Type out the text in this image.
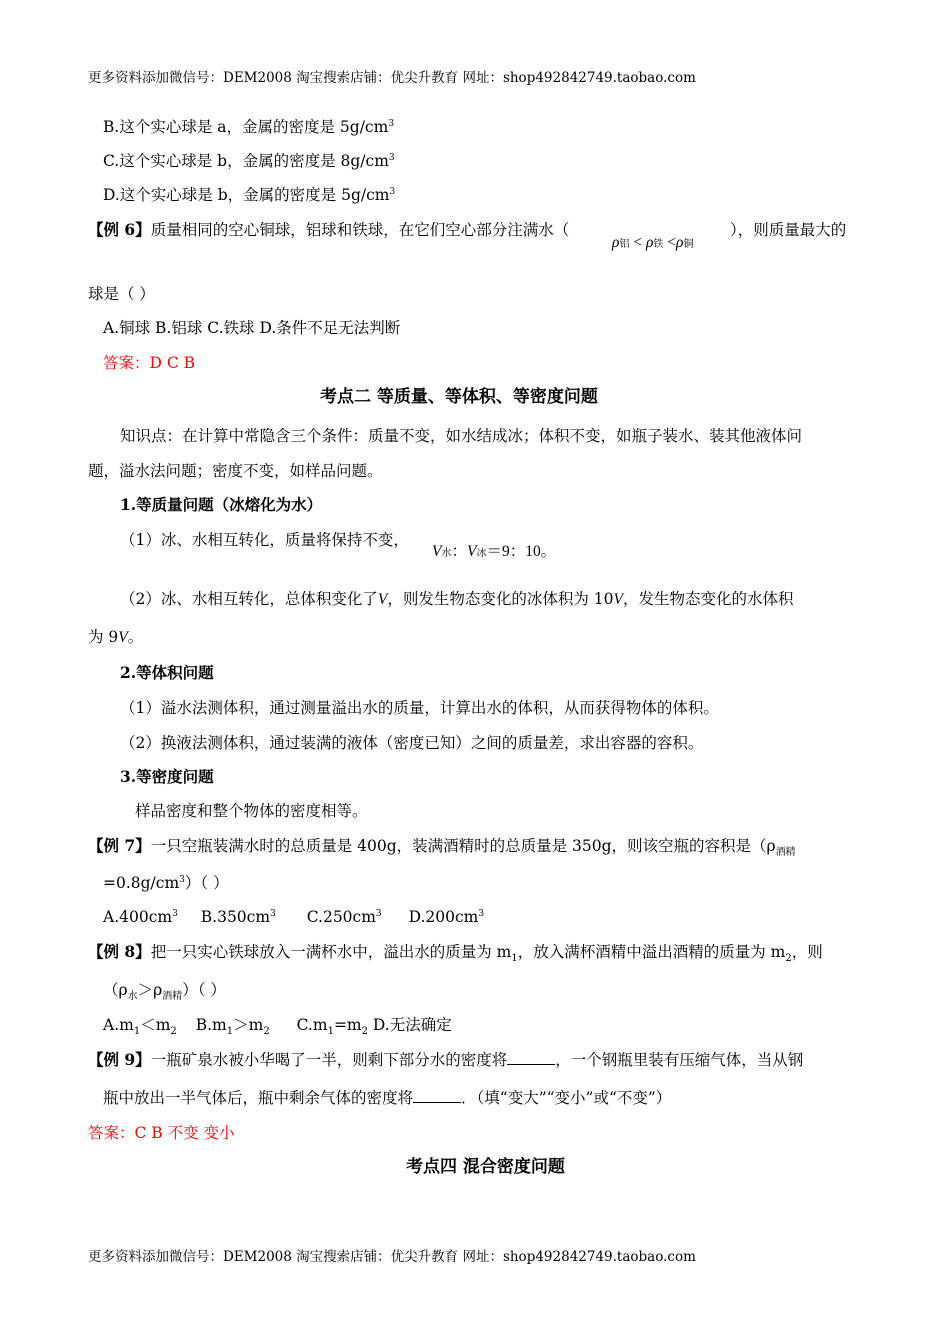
更多资料添加微信号：DEM2008 淘宝搜索店铺：优尖升教育 网址：shop492842749.taobao.com
B.这个实心球是 a，金属的密度是 $5g/cm^3$
C.这个实心球是 b，金属的密度是 $8g/cm^3$
D.这个实心球是 b，金属的密度是 $5g/cm^3$
【例 6】质量相同的空心铜球，铝球和铁球，在它们空心部分注满水（
ρ铝 < ρ铁 <ρ铜
），则质量最大的
球是（ ）
A.铜球 B.铝球 C.铁球 D.条件不足无法判断
答案：D C B
考点二 等质量、等体积、等密度问题
知识点：在计算中常隐含三个条件：质量不变，如水结成冰；体积不变，如瓶子装水、装其他液体问
题，溢水法问题；密度不变，如样品问题。
1.等质量问题（冰熔化为水）
（1）冰、水相互转化，质量将保持不变，
V水：V冰＝9：10。
（2）冰、水相互转化，总体积变化了V，则发生物态变化的冰体积为 10V，发生物态变化的水体积
为 9V。
2.等体积问题
（1）溢水法测体积，通过测量溢出水的质量，计算出水的体积，从而获得物体的体积。
（2）换液法测体积，通过装满的液体（密度已知）之间的质量差，求出容器的容积。
3.等密度问题
样品密度和整个物体的密度相等。
【例 7】一只空瓶装满水时的总质量是 400g，装满酒精时的总质量是 350g，则该空瓶的容积是（$\rho_{酒精}$
$=0.8g/cm^3$）（ ）
$A.400cm^3$ $B.350cm^3$ $C.250cm^3$ $D.200cm^3$
【例 8】把一只实心铁球放入一满杯水中，溢出水的质量为 $m_1$，放入满杯酒精中溢出酒精的质量为 $m_2$，则
$(\rho_水>\rho_{酒精})$（ ）
$A.m_1<m_2$ $B.m_1>m_2$ $C.m_1=m_2$ D.无法确定
【例 9】一瓶矿泉水被小华喝了一半，则剩下部分水的密度将	，一个钢瓶里装有压缩气体，当从钢
瓶中放出一半气体后，瓶中剩余气体的密度将	．（填“变大”“变小”或“不变”）
答案：C B 不变 变小
考点四 混合密度问题
更多资料添加微信号：DEM2008 淘宝搜索店铺：优尖升教育 网址：shop492842749.taobao.com
